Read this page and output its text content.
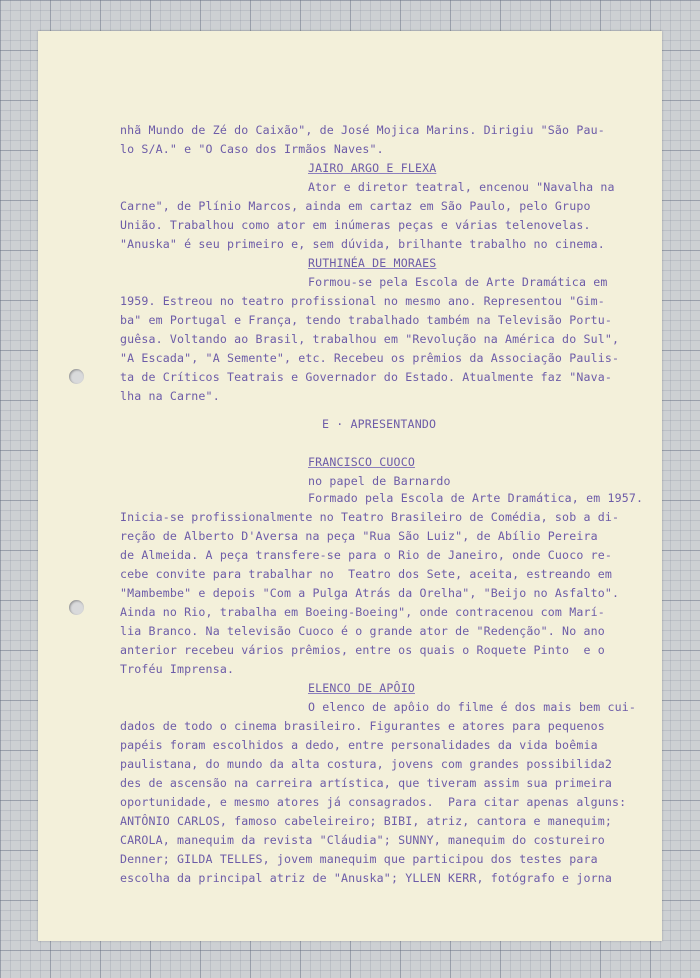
nhã Mundo de Zé do Caixão", de José Mojica Marins. Dirigiu "São Pau-
lo S/A." e "O Caso dos Irmãos Naves".
JAIRO ARGO E FLEXA
Ator e diretor teatral, encenou "Navalha na
Carne", de Plínio Marcos, ainda em cartaz em São Paulo, pelo Grupo
União. Trabalhou como ator em inúmeras peças e várias telenovelas.
"Anuska" é seu primeiro e, sem dúvida, brilhante trabalho no cinema.
RUTHINÉA DE MORAES
Formou-se pela Escola de Arte Dramática em
1959. Estreou no teatro profissional no mesmo ano. Representou "Gim-
ba" em Portugal e França, tendo trabalhado também na Televisão Portu-
guêsa. Voltando ao Brasil, trabalhou em "Revolução na América do Sul",
"A Escada", "A Semente", etc. Recebeu os prêmios da Associação Paulis-
ta de Críticos Teatrais e Governador do Estado. Atualmente faz "Nava-
lha na Carne".
E · APRESENTANDO
FRANCISCO CUOCO
no papel de Barnardo
Formado pela Escola de Arte Dramática, em 1957.
Inicia-se profissionalmente no Teatro Brasileiro de Comédia, sob a di-
reção de Alberto D'Aversa na peça "Rua São Luiz", de Abílio Pereira
de Almeida. A peça transfere-se para o Rio de Janeiro, onde Cuoco re-
cebe convite para trabalhar no  Teatro dos Sete, aceita, estreando em
"Mambembe" e depois "Com a Pulga Atrás da Orelha", "Beijo no Asfalto".
Ainda no Rio, trabalha em Boeing-Boeing", onde contracenou com Marí-
lia Branco. Na televisão Cuoco é o grande ator de "Redenção". No ano
anterior recebeu vários prêmios, entre os quais o Roquete Pinto  e o
Troféu Imprensa.
ELENCO DE APÔIO
O elenco de apôio do filme é dos mais bem cui-
dados de todo o cinema brasileiro. Figurantes e atores para pequenos
papéis foram escolhidos a dedo, entre personalidades da vida boêmia
paulistana, do mundo da alta costura, jovens com grandes possibilida2
des de ascensão na carreira artística, que tiveram assim sua primeira
oportunidade, e mesmo atores já consagrados.  Para citar apenas alguns:
ANTÔNIO CARLOS, famoso cabeleireiro; BIBI, atriz, cantora e manequim;
CAROLA, manequim da revista "Cláudia"; SUNNY, manequim do costureiro
Denner; GILDA TELLES, jovem manequim que participou dos testes para
escolha da principal atriz de "Anuska"; YLLEN KERR, fotógrafo e jorna
